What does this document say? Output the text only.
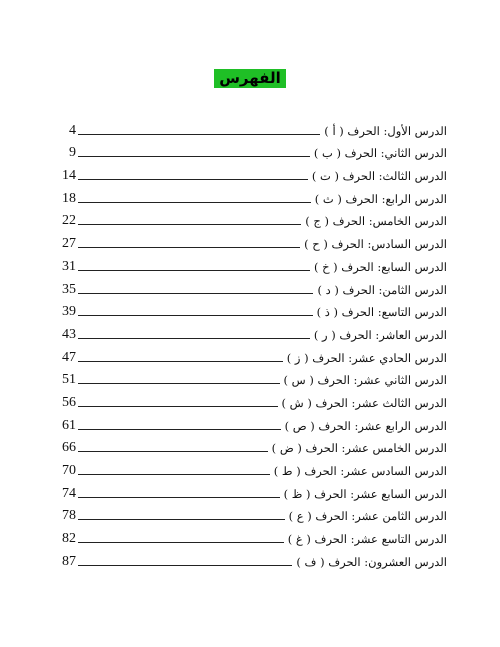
الفهرس
4	الدرس الأول: الحرف ( أ )
9	الدرس الثاني: الحرف ( ب )
14	الدرس الثالث: الحرف ( ت )
18	الدرس الرابع: الحرف ( ث )
22	الدرس الخامس: الحرف ( ج )
27	الدرس السادس: الحرف ( ح )
31	الدرس السابع: الحرف ( خ )
35	الدرس الثامن: الحرف ( د )
39	الدرس التاسع: الحرف ( ذ )
43	الدرس العاشر: الحرف ( ر )
47	الدرس الحادي عشر: الحرف ( ز )
51	الدرس الثاني عشر: الحرف ( س )
56	الدرس الثالث عشر: الحرف ( ش )
61	الدرس الرابع عشر: الحرف ( ص )
66	الدرس الخامس عشر: الحرف ( ض )
70	الدرس السادس عشر: الحرف ( ط )
74	الدرس السابع عشر: الحرف ( ظ )
78	الدرس الثامن عشر: الحرف ( ع )
82	الدرس التاسع عشر: الحرف ( غ )
87	الدرس العشرون: الحرف ( ف )
